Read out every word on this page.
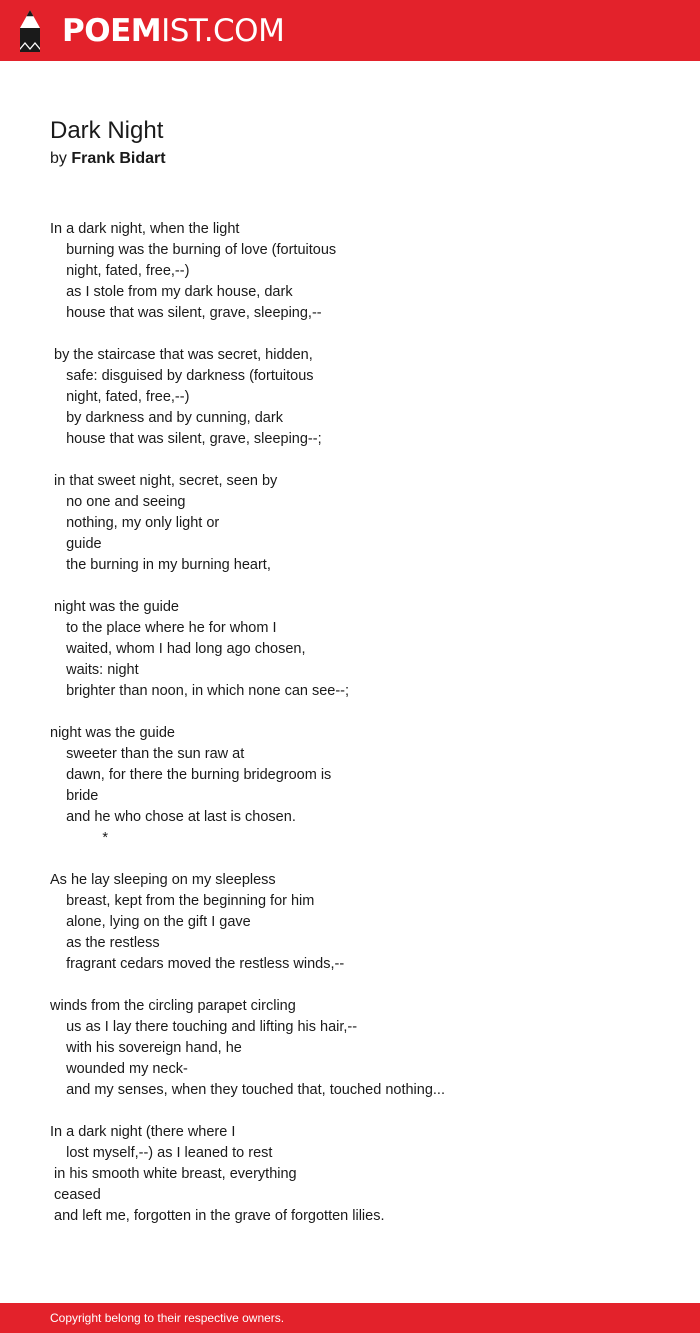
POEMIST.COM
Dark Night
by Frank Bidart
In a dark night, when the light
burning was the burning of love (fortuitous
night, fated, free,--)
as I stole from my dark house, dark
house that was silent, grave, sleeping,--
by the staircase that was secret, hidden,
safe: disguised by darkness (fortuitous
night, fated, free,--)
by darkness and by cunning, dark
house that was silent, grave, sleeping--;
in that sweet night, secret, seen by
no one and seeing
nothing, my only light or
guide
the burning in my burning heart,
night was the guide
to the place where he for whom I
waited, whom I had long ago chosen,
waits: night
brighter than noon, in which none can see--;
night was the guide
sweeter than the sun raw at
dawn, for there the burning bridegroom is
bride
and he who chose at last is chosen.
*
As he lay sleeping on my sleepless
breast, kept from the beginning for him
alone, lying on the gift I gave
as the restless
fragrant cedars moved the restless winds,--
winds from the circling parapet circling
us as I lay there touching and lifting his hair,--
with his sovereign hand, he
wounded my neck-
and my senses, when they touched that, touched nothing...
In a dark night (there where I
lost myself,--) as I leaned to rest
 in his smooth white breast, everything
 ceased
 and left me, forgotten in the grave of forgotten lilies.
Copyright belong to their respective owners.
